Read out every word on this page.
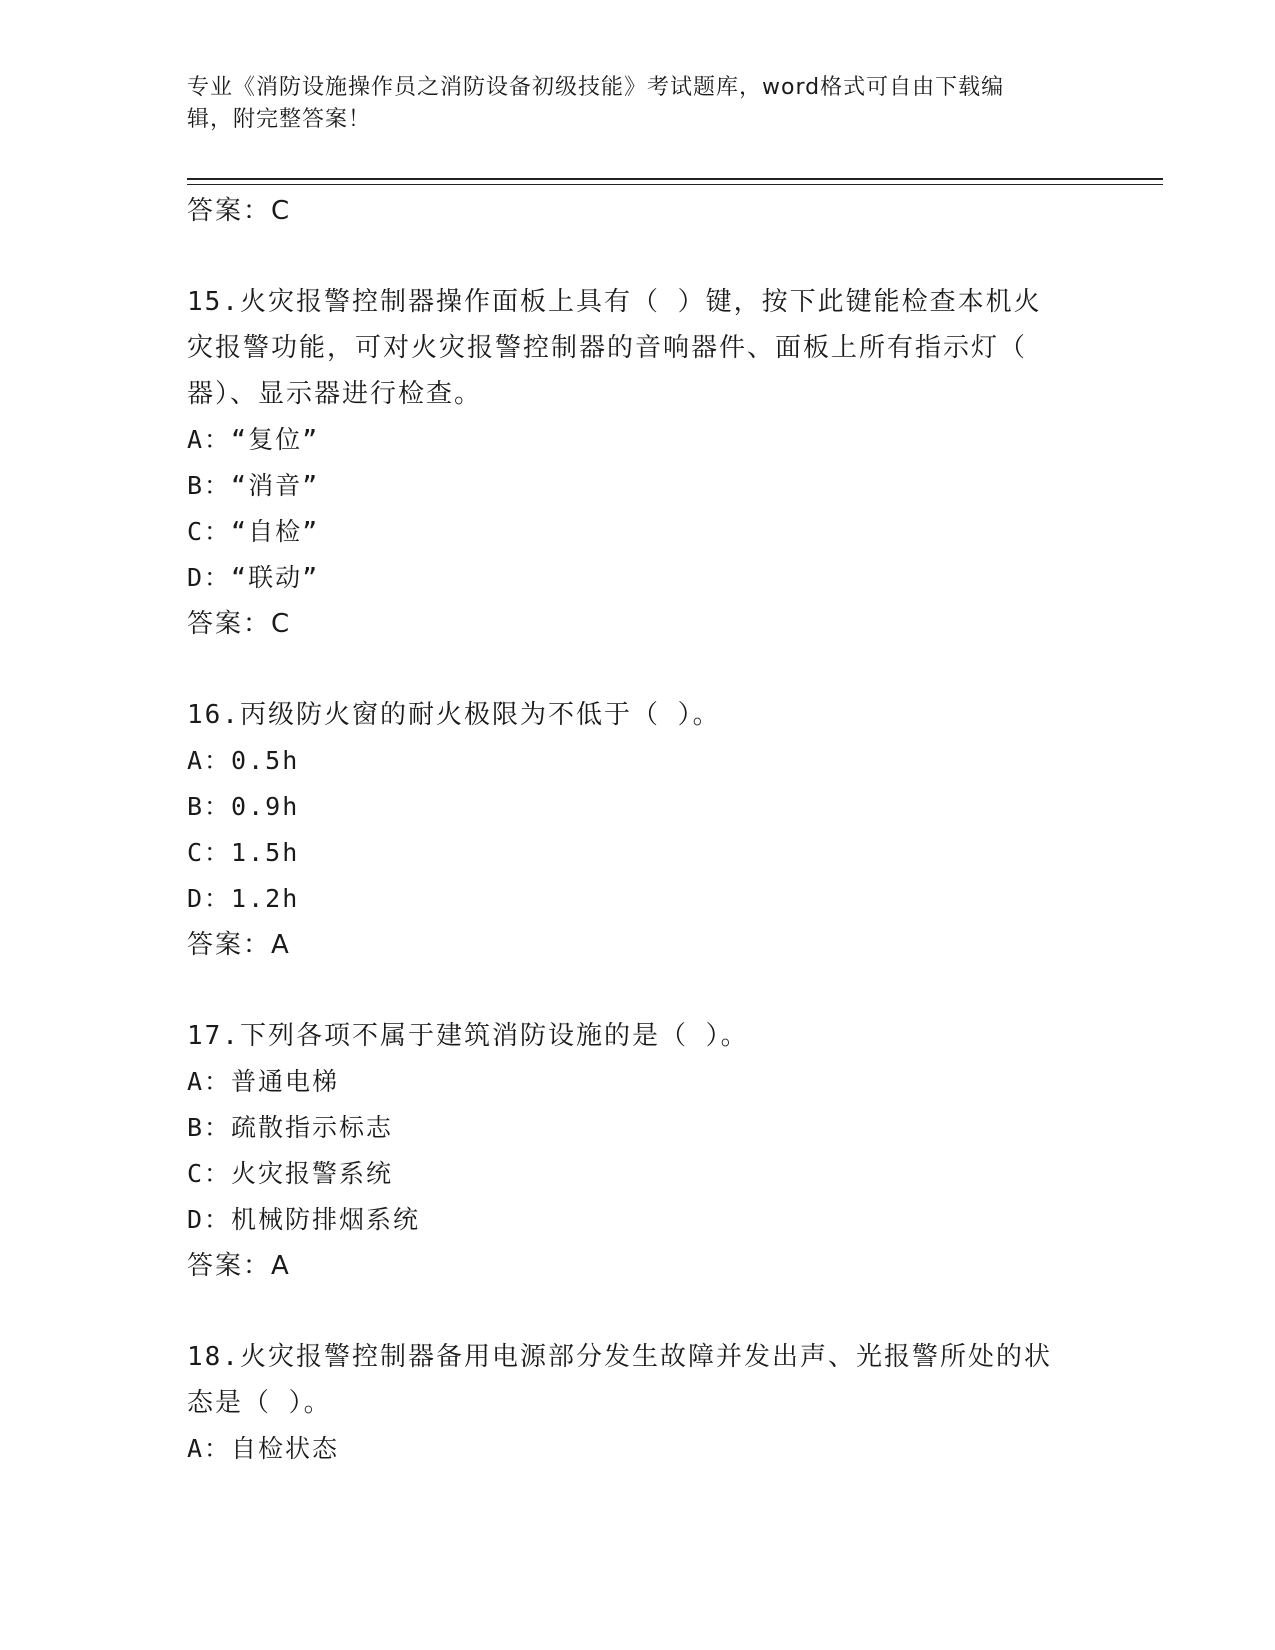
专业《消防设施操作员之消防设备初级技能》考试题库，word格式可自由下载编
辑，附完整答案！
答案：C
15.火灾报警控制器操作面板上具有（ ）键，按下此键能检查本机火
灾报警功能，可对火灾报警控制器的音响器件、面板上所有指示灯（
器）、显示器进行检查。
A：“复位”
B：“消音”
C：“自检”
D：“联动”
答案：C
16.丙级防火窗的耐火极限为不低于（ ）。
A：0.5h
B：0.9h
C：1.5h
D：1.2h
答案：A
17.下列各项不属于建筑消防设施的是（ ）。
A：普通电梯
B：疏散指示标志
C：火灾报警系统
D：机械防排烟系统
答案：A
18.火灾报警控制器备用电源部分发生故障并发出声、光报警所处的状
态是（ ）。
A：自检状态
